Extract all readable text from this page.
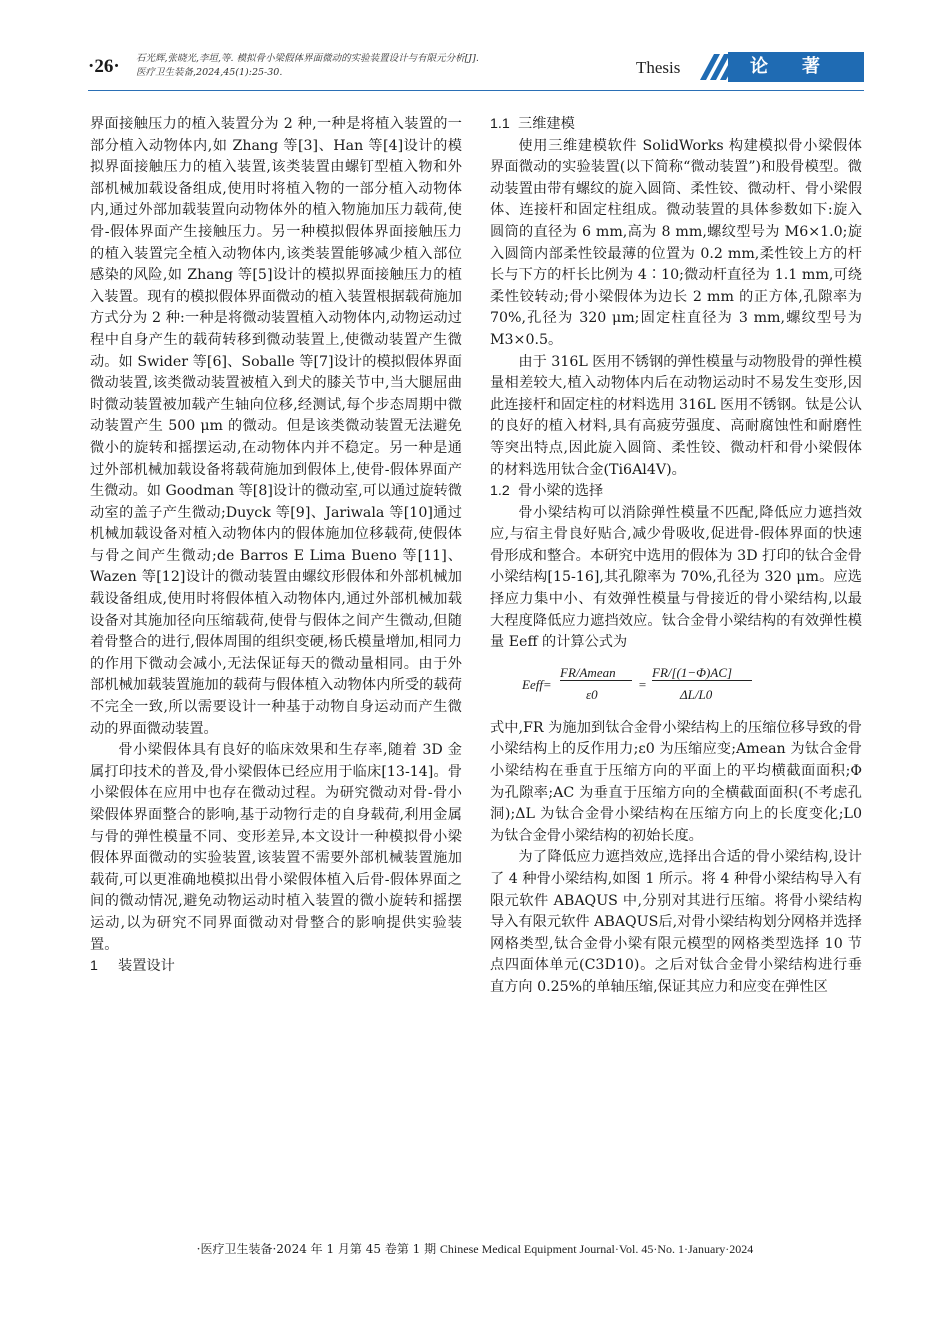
·26· 石光辉,张晓光,李垣,等. 模拟骨小梁假体界面微动的实验装置设计与有限元分析[J].
医疗卫生装备,2024,45(1):25-30.	Thesis	论著

界面接触压力的植入装置分为 2 种,一种是将植入装置的一部分植入动物体内,如 Zhang 等[3]、Han 等[4]设计的模拟界面接触压力的植入装置,该类装置由螺钉型植入物和外部机械加载设备组成,使用时将植入物的一部分植入动物体内,通过外部加载装置向动物体外的植入物施加压力载荷,使骨-假体界面产生接触压力。另一种模拟假体界面接触压力的植入装置完全植入动物体内,该类装置能够减少植入部位感染的风险,如 Zhang 等[5]设计的模拟界面接触压力的植入装置。现有的模拟假体界面微动的植入装置根据载荷施加方式分为 2 种:一种是将微动装置植入动物体内,动物运动过程中自身产生的载荷转移到微动装置上,使微动装置产生微动。如 Swider 等[6]、Soballe 等[7]设计的模拟假体界面微动装置,该类微动装置被植入到犬的膝关节中,当大腿屈曲时微动装置被加载产生轴向位移,经测试,每个步态周期中微动装置产生 500 μm 的微动。但是该类微动装置无法避免微小的旋转和摇摆运动,在动物体内并不稳定。另一种是通过外部机械加载设备将载荷施加到假体上,使骨-假体界面产生微动。如 Goodman 等[8]设计的微动室,可以通过旋转微动室的盖子产生微动;Duyck 等[9]、Jariwala 等[10]通过机械加载设备对植入动物体内的假体施加位移载荷,使假体与骨之间产生微动;de Barros E Lima Bueno 等[11]、Wazen 等[12]设计的微动装置由螺纹形假体和外部机械加载设备组成,使用时将假体植入动物体内,通过外部机械加载设备对其施加径向压缩载荷,使骨与假体之间产生微动,但随着骨整合的进行,假体周围的组织变硬,杨氏模量增加,相同力的作用下微动会减小,无法保证每天的微动量相同。由于外部机械加载装置施加的载荷与假体植入动物体内所受的载荷不完全一致,所以需要设计一种基于动物自身运动而产生微动的界面微动装置。

骨小梁假体具有良好的临床效果和生存率,随着 3D 金属打印技术的普及,骨小梁假体已经应用于临床[13-14]。骨小梁假体在应用中也存在微动过程。为研究微动对骨-骨小梁假体界面整合的影响,基于动物行走的自身载荷,利用金属与骨的弹性模量不同、变形差异,本文设计一种模拟骨小梁假体界面微动的实验装置,该装置不需要外部机械装置施加载荷,可以更准确地模拟出骨小梁假体植入后骨-假体界面之间的微动情况,避免动物运动时植入装置的微小旋转和摇摆运动,以为研究不同界面微动对骨整合的影响提供实验装置。

1 装置设计

1.1 三维建模

使用三维建模软件 SolidWorks 构建模拟骨小梁假体界面微动的实验装置(以下简称“微动装置”)和股骨模型。微动装置由带有螺纹的旋入圆筒、柔性铰、微动杆、骨小梁假体、连接杆和固定柱组成。微动装置的具体参数如下:旋入圆筒的直径为 6 mm,高为 8 mm,螺纹型号为 M6×1.0;旋入圆筒内部柔性铰最薄的位置为 0.2 mm,柔性铰上方的杆长与下方的杆长比例为 4∶10;微动杆直径为 1.1 mm,可绕柔性铰转动;骨小梁假体为边长 2 mm 的正方体,孔隙率为 70%,孔径为 320 μm;固定柱直径为 3 mm,螺纹型号为 M3×0.5。

由于 316L 医用不锈钢的弹性模量与动物股骨的弹性模量相差较大,植入动物体内后在动物运动时不易发生变形,因此连接杆和固定柱的材料选用 316L 医用不锈钢。钛是公认的良好的植入材料,具有高疲劳强度、高耐腐蚀性和耐磨性等突出特点,因此旋入圆筒、柔性铰、微动杆和骨小梁假体的材料选用钛合金(Ti6Al4V)。

1.2 骨小梁的选择

骨小梁结构可以消除弹性模量不匹配,降低应力遮挡效应,与宿主骨良好贴合,减少骨吸收,促进骨-假体界面的快速骨形成和整合。本研究中选用的假体为 3D 打印的钛合金骨小梁结构[15-16],其孔隙率为 70%,孔径为 320 μm。应选择应力集中小、有效弹性模量与骨接近的骨小梁结构,以最大程度降低应力遮挡效应。钛合金骨小梁结构的有效弹性模量 Eeff 的计算公式为

Eeff=
FR/Amean
ε0
=
FR/[(1−Φ)AC]
ΔL/L0

式中,FR 为施加到钛合金骨小梁结构上的压缩位移导致的骨小梁结构上的反作用力;ε0 为压缩应变;Amean 为钛合金骨小梁结构在垂直于压缩方向的平面上的平均横截面面积;Φ 为孔隙率;AC 为垂直于压缩方向的全横截面面积(不考虑孔洞);ΔL 为钛合金骨小梁结构在压缩方向上的长度变化;L0 为钛合金骨小梁结构的初始长度。

为了降低应力遮挡效应,选择出合适的骨小梁结构,设计了 4 种骨小梁结构,如图 1 所示。将 4 种骨小梁结构导入有限元软件 ABAQUS 中,分别对其进行压缩。将骨小梁结构导入有限元软件 ABAQUS后,对骨小梁结构划分网格并选择网格类型,钛合金骨小梁有限元模型的网格类型选择 10 节点四面体单元(C3D10)。之后对钛合金骨小梁结构进行垂直方向 0.25%的单轴压缩,保证其应力和应变在弹性区

·医疗卫生装备·2024 年 1 月第 45 卷第 1 期 Chinese Medical Equipment Journal·Vol. 45·No. 1·January·2024
